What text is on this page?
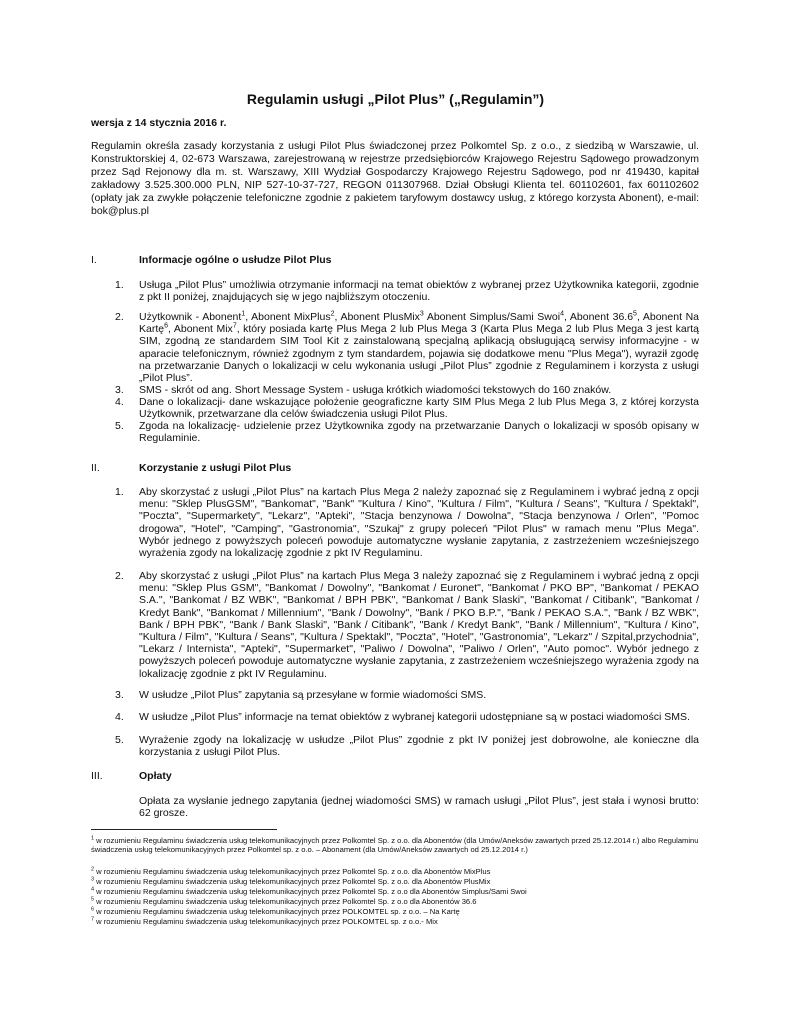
Regulamin usługi „Pilot Plus” („Regulamin”)
wersja z 14 stycznia 2016 r.
Regulamin określa zasady korzystania z usługi Pilot Plus świadczonej przez Polkomtel Sp. z o.o., z siedzibą w Warszawie, ul. Konstruktorskiej 4, 02-673 Warszawa, zarejestrowaną w rejestrze przedsiębiorców Krajowego Rejestru Sądowego prowadzonym przez Sąd Rejonowy dla m. st. Warszawy, XIII Wydział Gospodarczy Krajowego Rejestru Sądowego, pod nr 419430, kapitał zakładowy 3.525.300.000 PLN, NIP 527-10-37-727, REGON 011307968. Dział Obsługi Klienta tel. 601102601, fax 601102602 (opłaty jak za zwykłe połączenie telefoniczne zgodnie z pakietem taryfowym dostawcy usług, z którego korzysta Abonent), e-mail: bok@plus.pl
I.	Informacje ogólne o usłudze Pilot Plus
1.	Usługa „Pilot Plus” umożliwia otrzymanie informacji na temat obiektów z wybranej przez Użytkownika kategorii, zgodnie z pkt II poniżej, znajdujących się w jego najbliższym otoczeniu.
2.	Użytkownik - Abonent$^1$, Abonent MixPlus$^2$, Abonent PlusMix$^3$ Abonent Simplus/Sami Swoi$^4$, Abonent 36.6$^5$, Abonent Na Kartę$^6$, Abonent Mix$^7$, który posiada kartę Plus Mega 2 lub Plus Mega 3 (Karta Plus Mega 2 lub Plus Mega 3 jest kartą SIM, zgodną ze standardem SIM Tool Kit z zainstalowaną specjalną aplikacją obsługującą serwisy informacyjne - w aparacie telefonicznym, również zgodnym z tym standardem, pojawia się dodatkowe menu "Plus Mega"), wyraził zgodę na przetwarzanie Danych o lokalizacji w celu wykonania usługi „Pilot Plus” zgodnie z Regulaminem i korzysta z usługi „Pilot Plus”.
3.	SMS - skrót od ang. Short Message System - usługa krótkich wiadomości tekstowych do 160 znaków.
4.	Dane o lokalizacji- dane wskazujące położenie geograficzne karty SIM Plus Mega 2 lub Plus Mega 3, z której korzysta Użytkownik, przetwarzane dla celów świadczenia usługi Pilot Plus.
5.	Zgoda na lokalizację- udzielenie przez Użytkownika zgody na przetwarzanie Danych o lokalizacji w sposób opisany w Regulaminie.
II.	Korzystanie z usługi Pilot Plus
1.	Aby skorzystać z usługi „Pilot Plus” na kartach Plus Mega 2 należy zapoznać się z Regulaminem i wybrać jedną z opcji menu: "Sklep PlusGSM", "Bankomat", "Bank" "Kultura / Kino", "Kultura / Film", "Kultura / Seans", "Kultura / Spektakl", "Poczta", "Supermarkety", "Lekarz", "Apteki", "Stacja benzynowa / Dowolna", "Stacja benzynowa / Orlen", "Pomoc drogowa", "Hotel", "Camping", "Gastronomia", "Szukaj" z grupy poleceń "Pilot Plus" w ramach menu "Plus Mega". Wybór jednego z powyższych poleceń powoduje automatyczne wysłanie zapytania, z zastrzeżeniem wcześniejszego wyrażenia zgody na lokalizację zgodnie z pkt IV Regulaminu.
2.	Aby skorzystać z usługi „Pilot Plus” na kartach Plus Mega 3 należy zapoznać się z Regulaminem i wybrać jedną z opcji menu: "Sklep Plus GSM", "Bankomat / Dowolny", "Bankomat / Euronet", "Bankomat / PKO BP", "Bankomat / PEKAO S.A.", "Bankomat / BZ WBK", "Bankomat / BPH PBK", "Bankomat / Bank Slaski", "Bankomat / Citibank", "Bankomat / Kredyt Bank", "Bankomat / Millennium", "Bank / Dowolny", "Bank / PKO B.P.", "Bank / PEKAO S.A.", "Bank / BZ WBK", Bank / BPH PBK", "Bank / Bank Slaski", "Bank / Citibank", "Bank / Kredyt Bank", "Bank / Millennium", "Kultura / Kino", "Kultura / Film", "Kultura / Seans", "Kultura / Spektakl", "Poczta", "Hotel", "Gastronomia", "Lekarz" / Szpital,przychodnia", "Lekarz / Internista", "Apteki", "Supermarket", "Paliwo / Dowolna", "Paliwo / Orlen", "Auto pomoc". Wybór jednego z powyższych poleceń powoduje automatyczne wysłanie zapytania, z zastrzeżeniem wcześniejszego wyrażenia zgody na lokalizację zgodnie z pkt IV Regulaminu.
3.	W usłudze „Pilot Plus” zapytania są przesyłane w formie wiadomości SMS.
4.	W usłudze „Pilot Plus” informacje na temat obiektów z wybranej kategorii udostępniane są w postaci wiadomości SMS.
5.	Wyrażenie zgody na lokalizację w usłudze „Pilot Plus” zgodnie z pkt IV poniżej jest dobrowolne, ale konieczne dla korzystania z usługi Pilot Plus.
III.	Opłaty
Opłata za wysłanie jednego zapytania (jednej wiadomości SMS) w ramach usługi „Pilot Plus”, jest stała i wynosi brutto: 62 grosze.
$^1$ w rozumieniu Regulaminu świadczenia usług telekomunikacyjnych przez Polkomtel Sp. z o.o. dla Abonentów (dla Umów/Aneksów zawartych przed 25.12.2014 r.) albo Regulaminu świadczenia usług telekomunikacyjnych przez Polkomtel sp. z o.o. – Abonament (dla Umów/Aneksów zawartych od 25.12.2014 r.)
$^2$ w rozumieniu Regulaminu świadczenia usług telekomunikacyjnych przez Polkomtel Sp. z o.o. dla Abonentów MixPlus
$^3$ w rozumieniu Regulaminu świadczenia usług telekomunikacyjnych przez Polkomtel Sp. z o.o. dla Abonentów PlusMix
$^4$ w rozumieniu Regulaminu świadczenia usług telekomunikacyjnych przez Polkomtel Sp. z o.o dla Abonentów Simplus/Sami Swoi
$^5$ w rozumieniu Regulaminu świadczenia usług telekomunikacyjnych przez Polkomtel Sp. z o.o dla Abonentów 36.6
$^6$ w rozumieniu Regulaminu świadczenia usług telekomunikacyjnych przez POLKOMTEL sp. z o.o. – Na Kartę
$^7$ w rozumieniu Regulaminu świadczenia usług telekomunikacyjnych przez POLKOMTEL sp. z o.o.- Mix
